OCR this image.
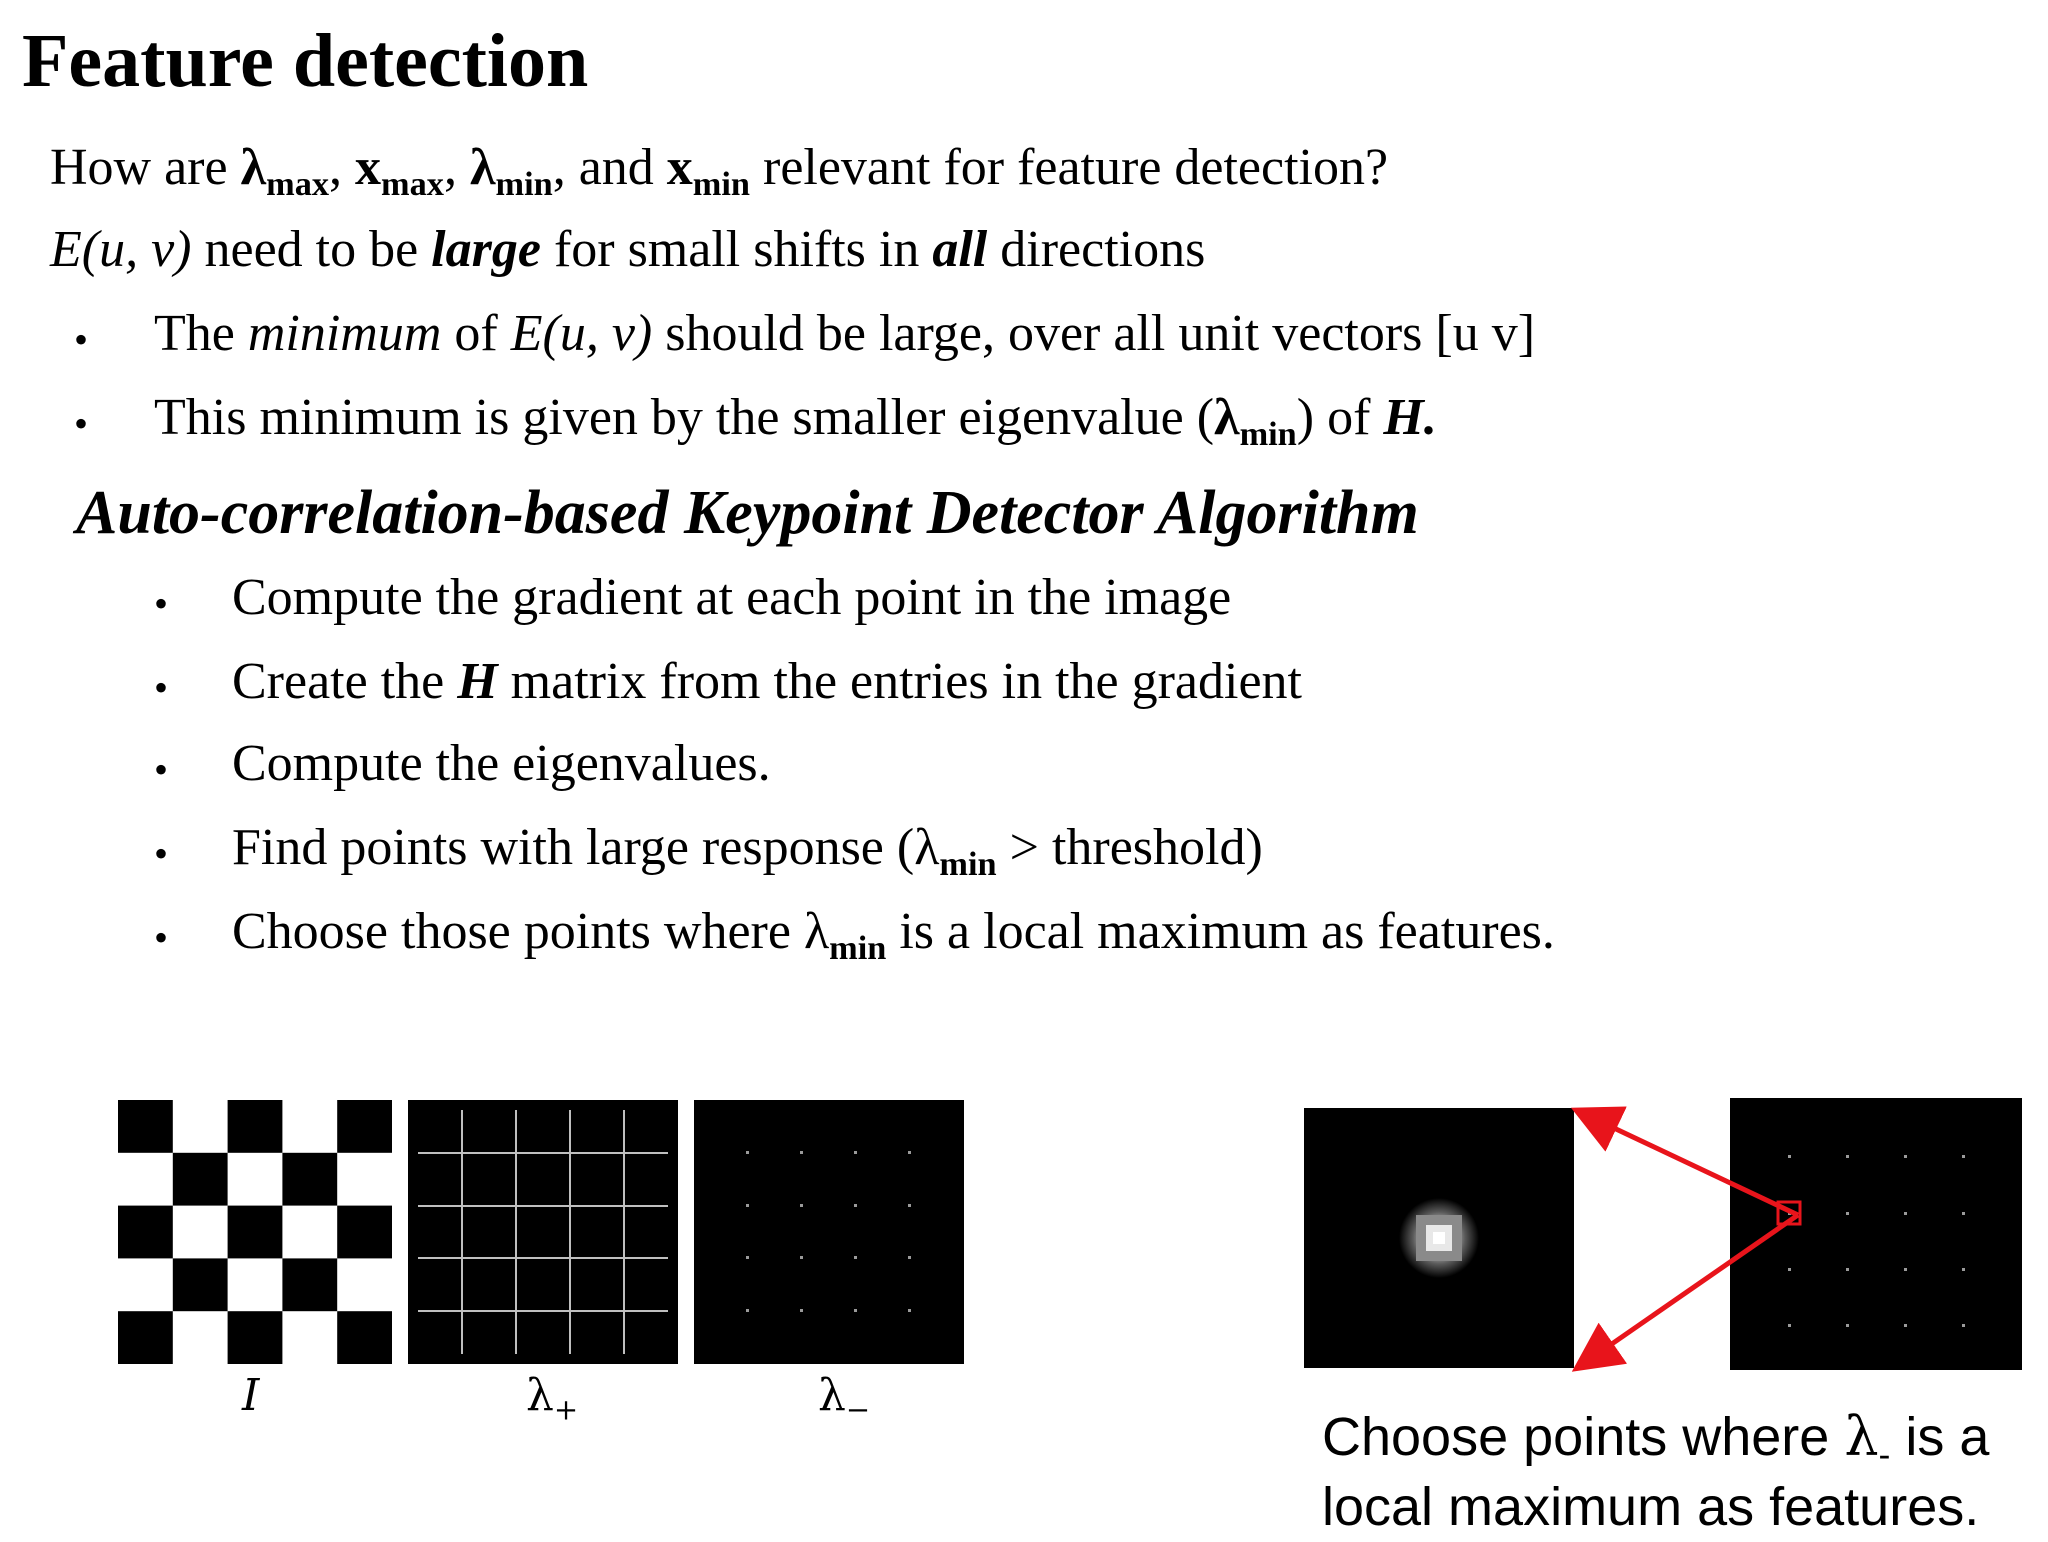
Feature detection
How are $\lambda_{max}$, $x_{max}$, $\lambda_{min}$, and $x_{min}$ relevant for feature detection?
E(u, v) need to be large for small shifts in all directions
• The minimum of E(u, v) should be large, over all unit vectors [u v]
• This minimum is given by the smaller eigenvalue $(\lambda_{min})$ of H.
Auto-correlation-based Keypoint Detector Algorithm
• Compute the gradient at each point in the image
• Create the H matrix from the entries in the gradient
• Compute the eigenvalues.
• Find points with large response ($\lambda_{min}$ > threshold)
• Choose those points where $\lambda_{min}$ is a local maximum as features.
I	$\lambda_+$	$\lambda_-$	Choose points where $\lambda_-$ is a
local maximum as features.
